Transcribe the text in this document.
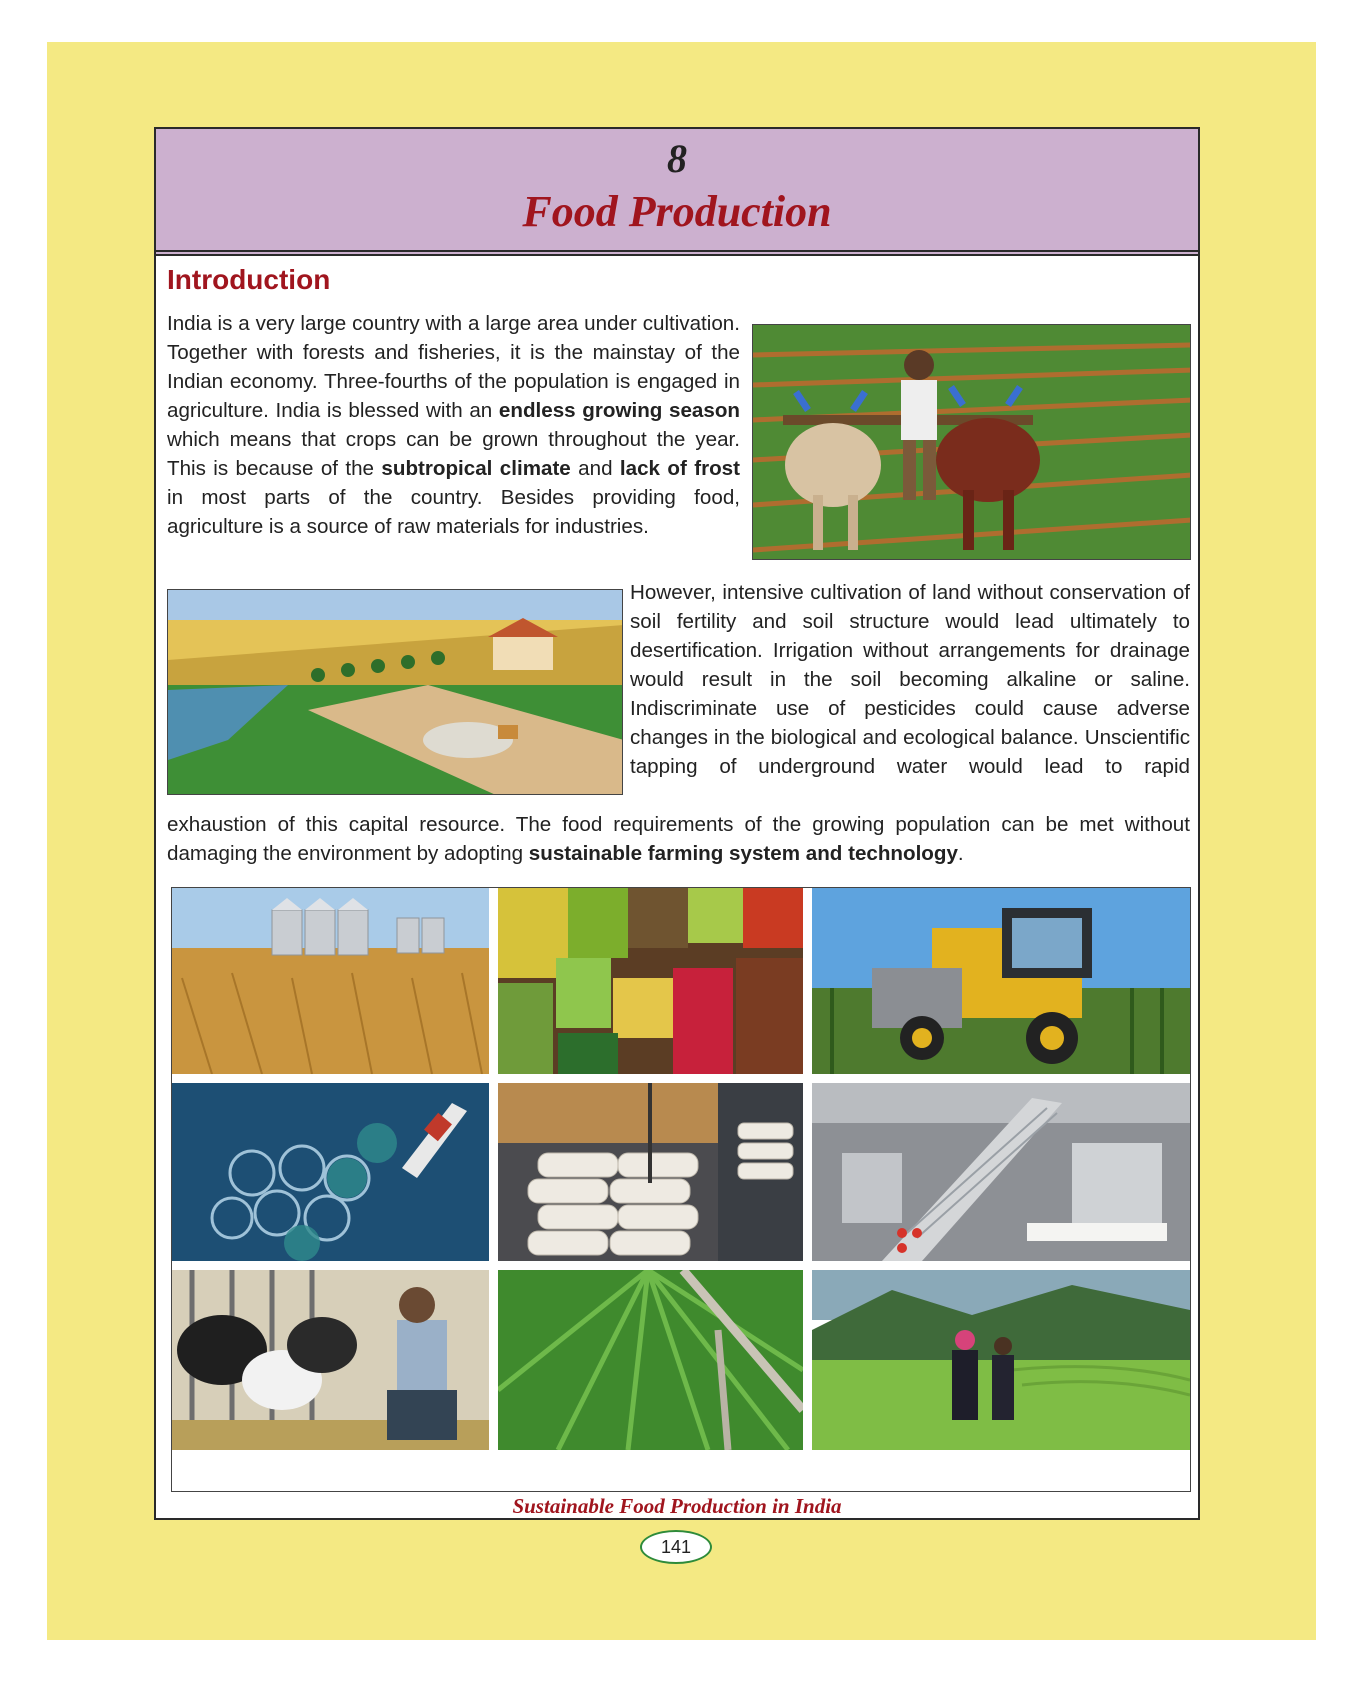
8
Food Production
Introduction

India is a very large country with a large area under cultivation. Together with forests and fisheries, it is the mainstay of the Indian economy. Three-fourths of the population is engaged in agriculture. India is blessed with an endless growing season which means that crops can be grown throughout the year. This is because of the subtropical climate and lack of frost in most parts of the country. Besides providing food, agriculture is a source of raw materials for industries.

However, intensive cultivation of land without conservation of soil fertility and soil structure would lead ultimately to desertification. Irrigation without arrangements for drainage would result in the soil becoming alkaline or saline. Indiscriminate use of pesticides could cause adverse changes in the biological and ecological balance. Unscientific tapping of underground water would lead to rapid

exhaustion of this capital resource. The food requirements of the growing population can be met without damaging the environment by adopting sustainable farming system and technology.

Sustainable Food Production in India
141
